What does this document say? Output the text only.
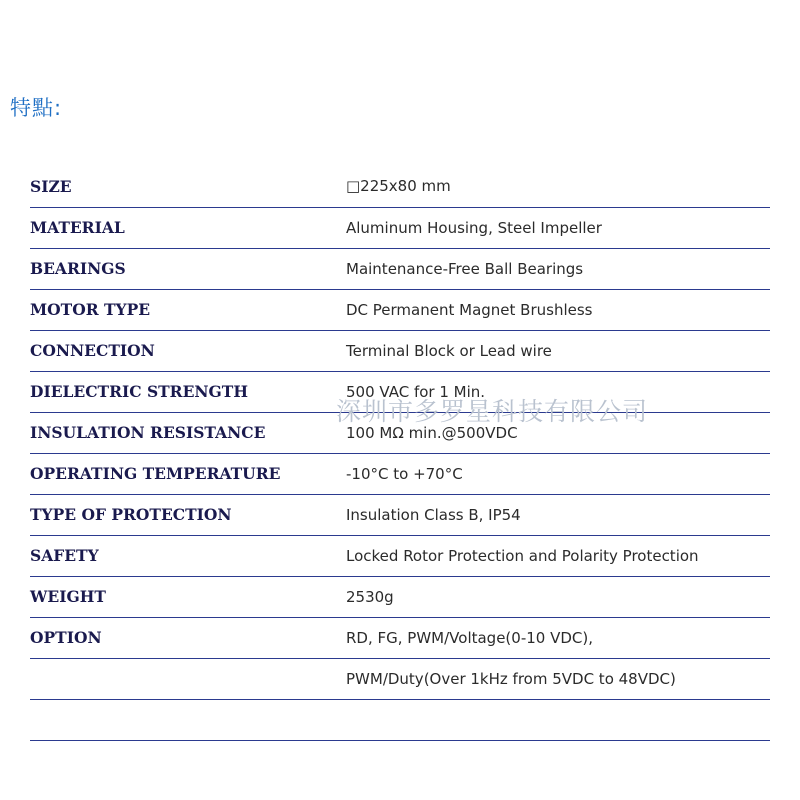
特點:
SIZE	□225x80 mm
MATERIAL	Aluminum Housing, Steel Impeller
BEARINGS	Maintenance-Free Ball Bearings
MOTOR TYPE	DC Permanent Magnet Brushless
CONNECTION	Terminal Block or Lead wire
DIELECTRIC STRENGTH	500 VAC for 1 Min.
INSULATION RESISTANCE	100 MΩ min.@500VDC
OPERATING TEMPERATURE	-10°C to +70°C
TYPE OF PROTECTION	Insulation Class B, IP54
SAFETY	Locked Rotor Protection and Polarity Protection
WEIGHT	2530g
OPTION	RD, FG, PWM/Voltage(0-10 VDC),
	PWM/Duty(Over 1kHz from 5VDC to 48VDC)

深圳市多罗星科技有限公司
